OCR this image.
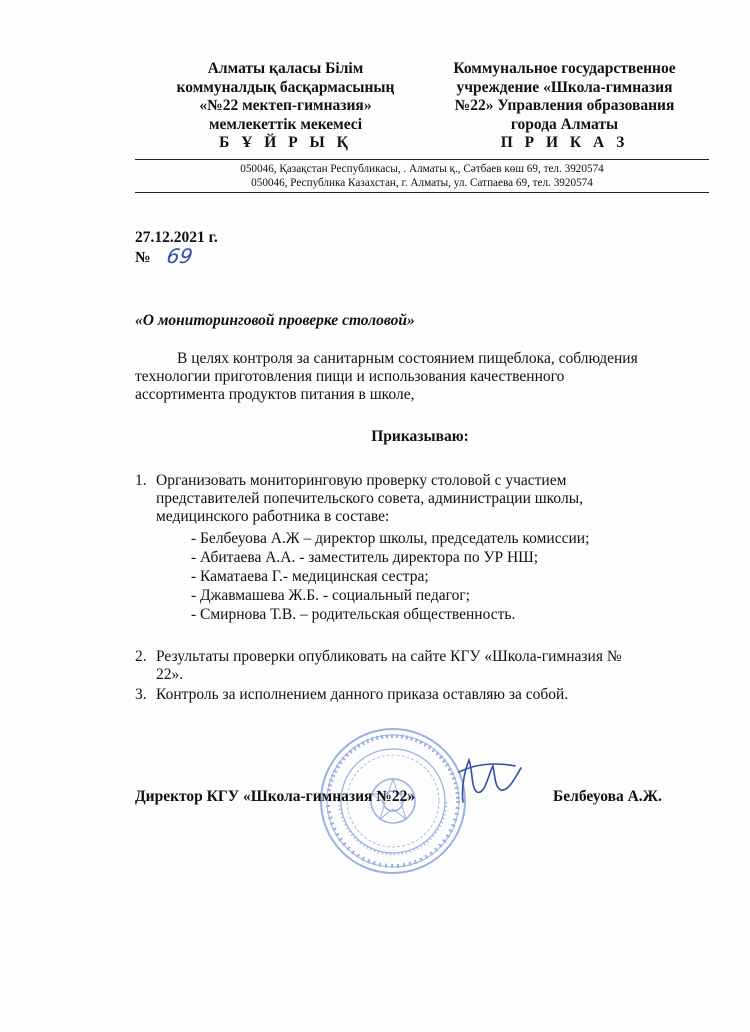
Алматы қаласы Білім
коммуналдық басқармасының
«№22 мектеп-гимназия»
мемлекеттік мекемесі
Б Ұ Й Р Ы Қ
Коммунальное государственное
учреждение «Школа-гимназия
№22» Управления образования
города Алматы
П Р И К А З
050046, Қазақстан Республикасы, . Алматы қ., Сәтбаев көш 69, тел. 3920574
050046, Республика Казахстан, г. Алматы, ул. Сатпаева 69, тел. 3920574
27.12.2021 г.
№ 69
«О мониторинговой проверке столовой»
В целях контроля за санитарным состоянием пищеблока, соблюдения
технологии приготовления пищи и использования качественного
ассортимента продуктов питания в школе,
Приказываю:
1. Организовать мониторинговую проверку столовой с участием
представителей попечительского совета, администрации школы,
медицинского работника в составе:
- Белбеуова А.Ж – директор школы, председатель комиссии;
- Абитаева А.А. - заместитель директора по УР НШ;
- Каматаева Г.- медицинская сестра;
- Джавмашева Ж.Б. - социальный педагог;
- Смирнова Т.В. – родительская общественность.
2. Результаты проверки опубликовать на сайте КГУ «Школа-гимназия №
22».
3. Контроль за исполнением данного приказа оставляю за собой.
Директор КГУ «Школа-гимназия №22»	Белбеуова А.Ж.
